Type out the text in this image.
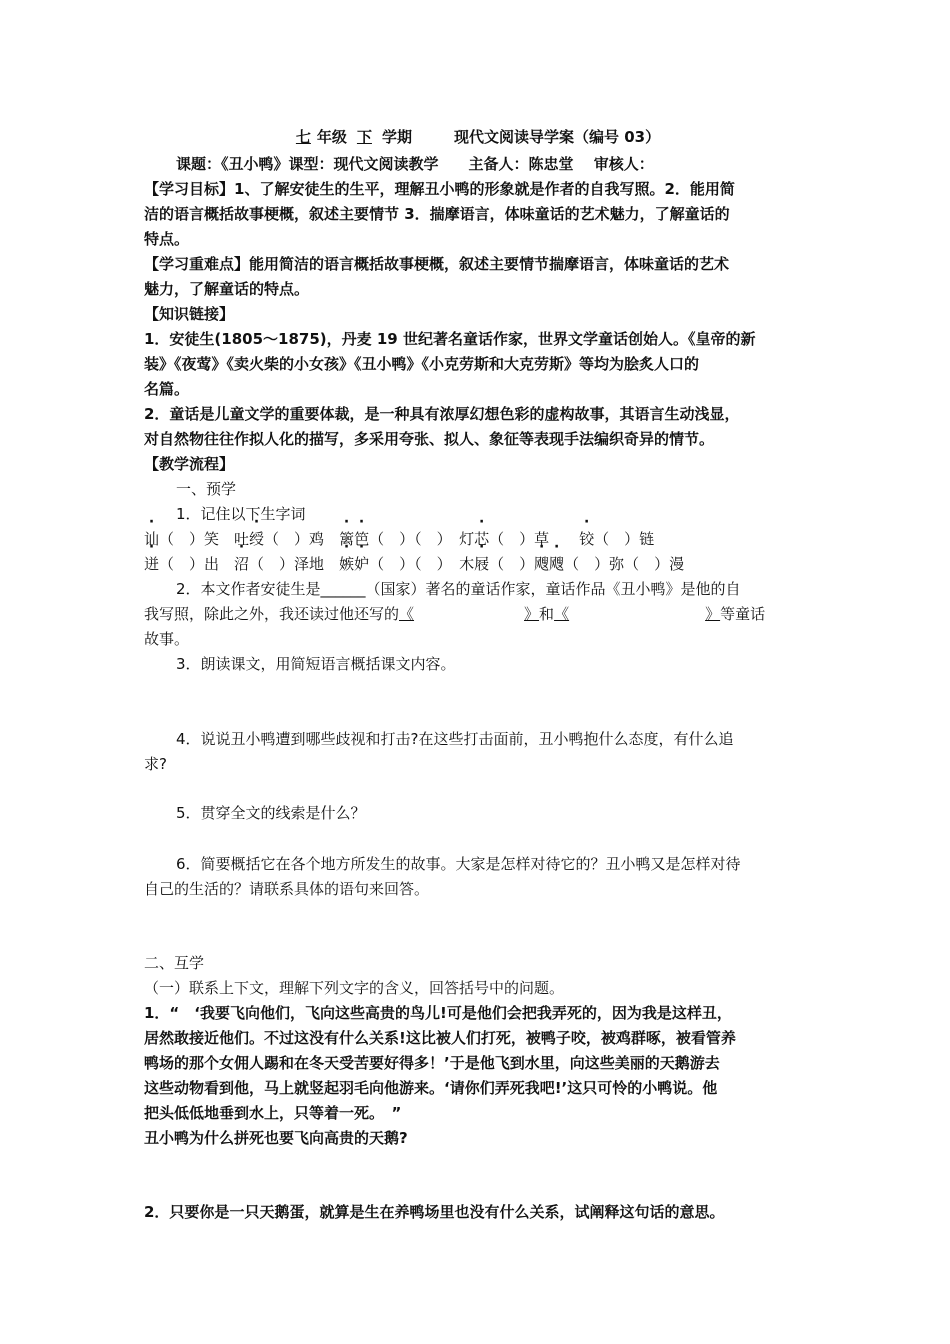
七 年级 下 学期	现代文阅读导学案（编号 03）
课题：《丑小鸭》课型：现代文阅读教学　　主备人：陈忠堂　 审核人：
【学习目标】1、了解安徒生的生平，理解丑小鸭的形象就是作者的自我写照。2．能用简
洁的语言概括故事梗概，叙述主要情节 3．揣摩语言，体味童话的艺术魅力，了解童话的
特点。
【学习重难点】能用简洁的语言概括故事梗概，叙述主要情节揣摩语言，体味童话的艺术
魅力，了解童话的特点。
【知识链接】
1．安徒生(1805～1875)，丹麦 19 世纪著名童话作家，世界文学童话创始人。《皇帝的新
装》《夜莺》《卖火柴的小女孩》《丑小鸭》《小克劳斯和大克劳斯》等均为脍炙人口的
名篇。
2．童话是儿童文学的重要体裁，是一种具有浓厚幻想色彩的虚构故事，其语言生动浅显，
对自然物往往作拟人化的描写，多采用夸张、拟人、象征等表现手法编织奇异的情节。
【教学流程】
一、预学
1．记住以下生字词
讪（　）笑　吐绶（　）鸡　篱笆（　）（　）　灯芯（　）草　　铰（　）链
迸（　）出　沼（　）泽地　嫉妒（　）（　）　木屐（　）飕飕（　）弥（　）漫
2．本文作者安徒生是______（国家）著名的童话作家，童话作品《丑小鸭》是他的自
我写照，除此之外，我还读过他还写的《	》和《	》等童话
故事。
3．朗读课文，用简短语言概括课文内容。
4．说说丑小鸭遭到哪些歧视和打击?在这些打击面前，丑小鸭抱什么态度，有什么追
求?
5．贯穿全文的线索是什么？
6．简要概括它在各个地方所发生的故事。大家是怎样对待它的？丑小鸭又是怎样对待
自己的生活的？请联系具体的语句来回答。
二、互学
（一）联系上下文，理解下列文字的含义，回答括号中的问题。
1．“　‘我要飞向他们，飞向这些高贵的鸟儿!可是他们会把我弄死的，因为我是这样丑，
居然敢接近他们。不过这没有什么关系!这比被人们打死，被鸭子咬，被鸡群啄，被看管养
鸭场的那个女佣人踢和在冬天受苦要好得多！’于是他飞到水里，向这些美丽的天鹅游去
这些动物看到他，马上就竖起羽毛向他游来。‘请你们弄死我吧!’这只可怜的小鸭说。他
把头低低地垂到水上，只等着一死。　”
丑小鸭为什么拼死也要飞向高贵的天鹅?
2．只要你是一只天鹅蛋，就算是生在养鸭场里也没有什么关系，试阐释这句话的意思。
